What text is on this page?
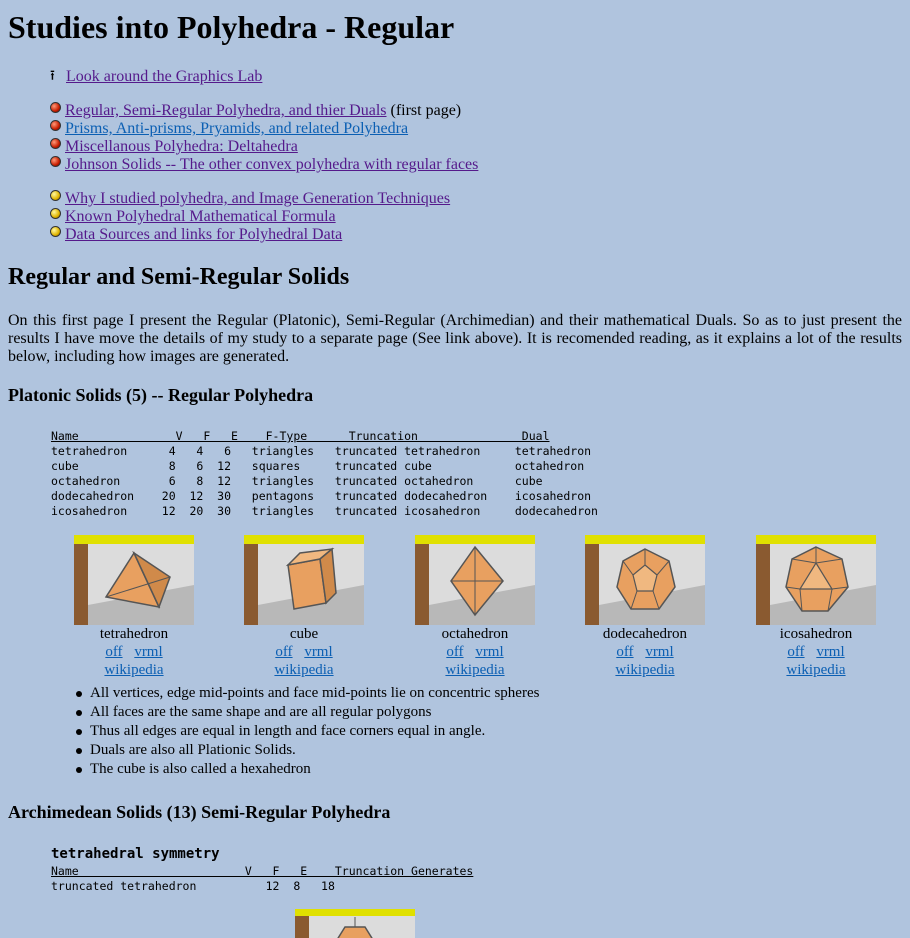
Studies into Polyhedra - Regular
⭱ Look around the Graphics Lab
Regular, Semi-Regular Polyhedra, and thier Duals (first page)
Prisms, Anti-prisms, Pryamids, and related Polyhedra
Miscellanous Polyhedra: Deltahedra
Johnson Solids -- The other convex polyhedra with regular faces
Why I studied polyhedra, and Image Generation Techniques
Known Polyhedral Mathematical Formula
Data Sources and links for Polyhedral Data
Regular and Semi-Regular Solids

On this first page I present the Regular (Platonic), Semi-Regular (Archimedian) and their mathematical Duals. So as to just present the results I have move the details of my study to a separate page (See link above). It is recomended reading, as it explains a lot of the results below, including how images are generated.

Platonic Solids (5) -- Regular Polyhedra
Name              V   F   E    F-Type      Truncation               Dual
tetrahedron      4   4   6   triangles   truncated tetrahedron     tetrahedron
cube             8   6  12   squares     truncated cube            octahedron
octahedron       6   8  12   triangles   truncated octahedron      cube
dodecahedron    20  12  30   pentagons   truncated dodecahedron    icosahedron
icosahedron     12  20  30   triangles   truncated icosahedron     dodecahedron
tetrahedron
off vrml
wikipedia
cube
off vrml
wikipedia
octahedron
off vrml
wikipedia
dodecahedron
off vrml
wikipedia
icosahedron
off vrml
wikipedia
All vertices, edge mid-points and face mid-points lie on concentric spheres
All faces are the same shape and are all regular polygons
Thus all edges are equal in length and face corners equal in angle.
Duals are also all Plationic Solids.
The cube is also called a hexahedron
Archimedean Solids (13) Semi-Regular Polyhedra
tetrahedral symmetry
Name                        V   F   E    Truncation Generates
truncated tetrahedron          12  8   18
